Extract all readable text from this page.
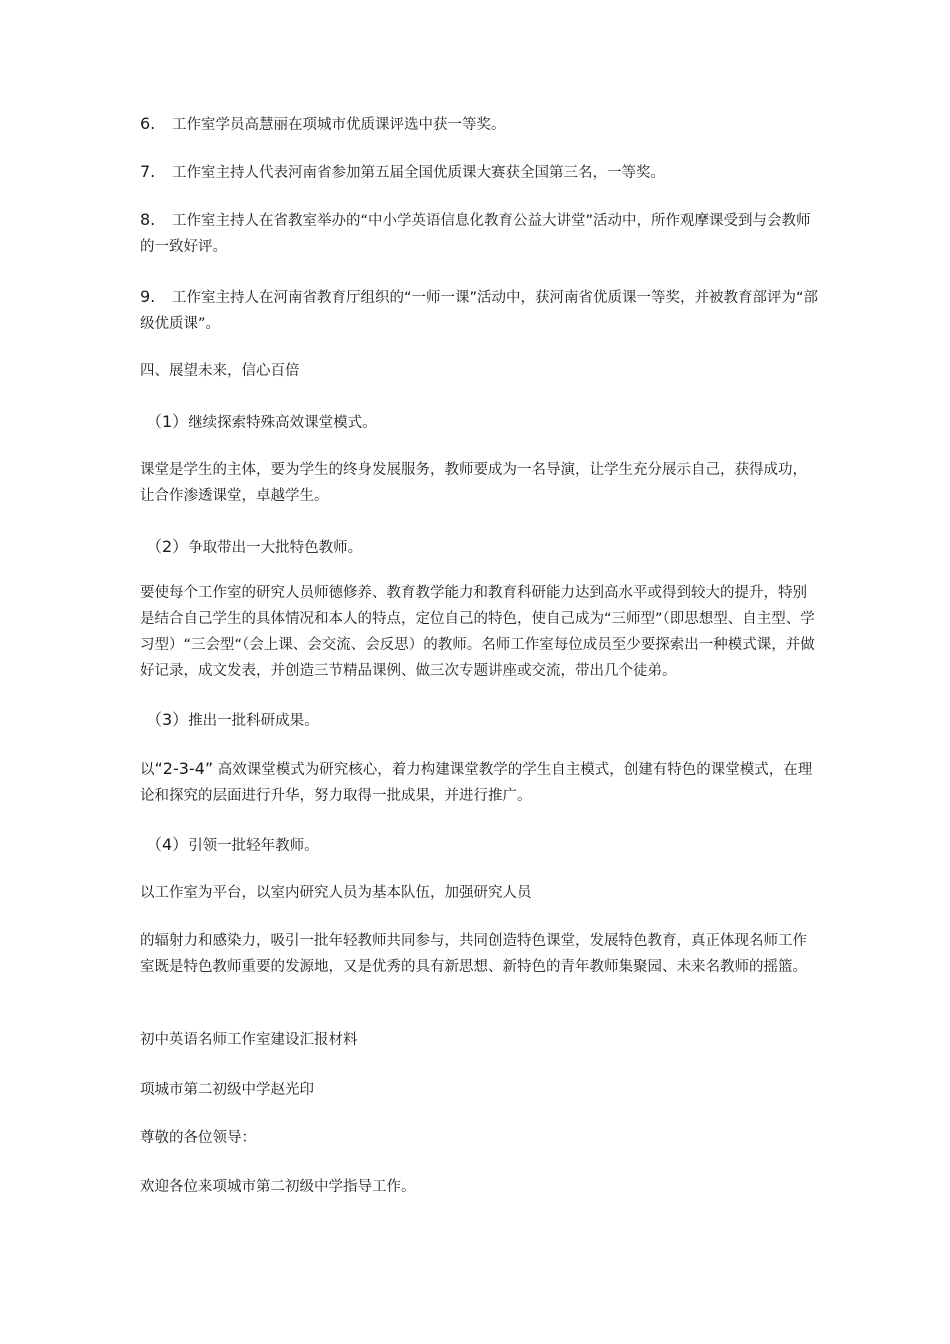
6. 工作室学员高慧丽在项城市优质课评选中获一等奖。

7. 工作室主持人代表河南省参加第五届全国优质课大赛获全国第三名，一等奖。

8. 工作室主持人在省教室举办的“中小学英语信息化教育公益大讲堂”活动中，所作观摩课受到与会教师的一致好评。

9. 工作室主持人在河南省教育厅组织的“一师一课”活动中，获河南省优质课一等奖，并被教育部评为“部级优质课”。

四、展望未来，信心百倍

（1）继续探索特殊高效课堂模式。

课堂是学生的主体，要为学生的终身发展服务，教师要成为一名导演，让学生充分展示自己，获得成功，让合作渗透课堂，卓越学生。

（2）争取带出一大批特色教师。

要使每个工作室的研究人员师德修养、教育教学能力和教育科研能力达到高水平或得到较大的提升，特别是结合自己学生的具体情况和本人的特点，定位自己的特色，使自己成为“三师型”（即思想型、自主型、学习型）“三会型“（会上课、会交流、会反思）的教师。名师工作室每位成员至少要探索出一种模式课，并做好记录，成文发表，并创造三节精品课例、做三次专题讲座或交流，带出几个徒弟。

（3）推出一批科研成果。

以“2-3-4” 高效课堂模式为研究核心，着力构建课堂教学的学生自主模式，创建有特色的课堂模式，在理论和探究的层面进行升华，努力取得一批成果，并进行推广。

（4）引领一批轻年教师。

以工作室为平台，以室内研究人员为基本队伍，加强研究人员

的辐射力和感染力，吸引一批年轻教师共同参与，共同创造特色课堂，发展特色教育，真正体现名师工作室既是特色教师重要的发源地，又是优秀的具有新思想、新特色的青年教师集聚园、未来名教师的摇篮。

初中英语名师工作室建设汇报材料

项城市第二初级中学赵光印

尊敬的各位领导：

欢迎各位来项城市第二初级中学指导工作。
